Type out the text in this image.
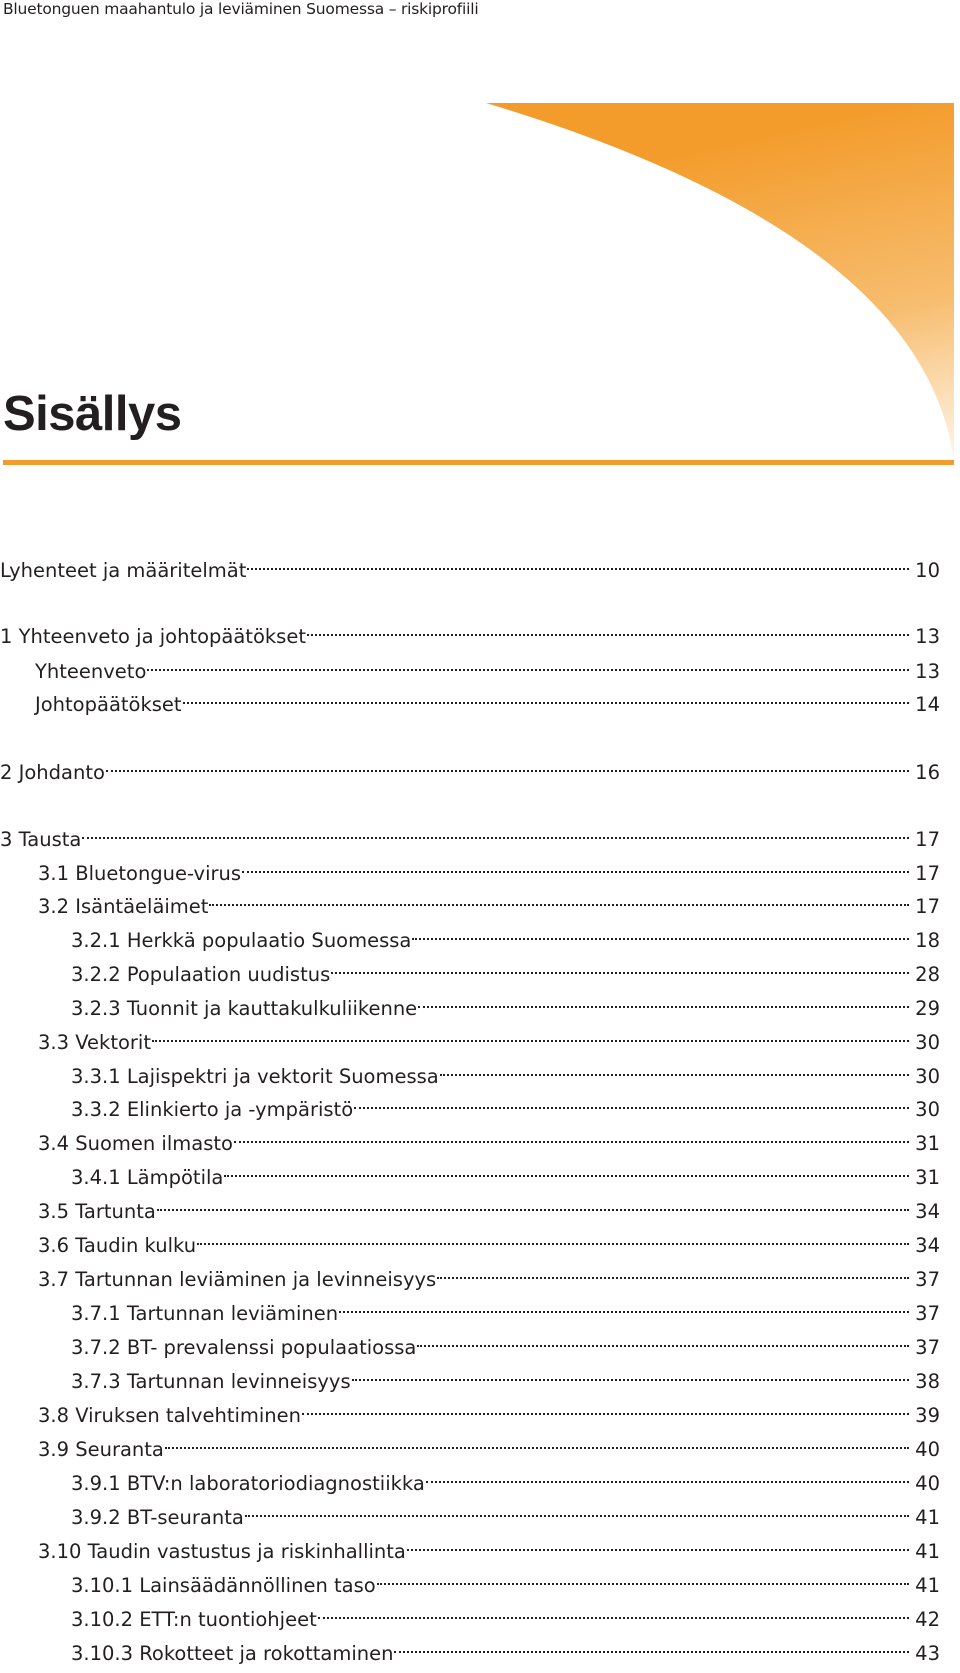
Bluetonguen maahantulo ja leviäminen Suomessa – riskiprofiili
Sisällys
Lyhenteet ja määritelmät	10
1 Yhteenveto ja johtopäätökset	13
Yhteenveto	13
Johtopäätökset	14
2 Johdanto	16
3 Tausta	17
3.1 Bluetongue-virus	17
3.2 Isäntäeläimet	17
3.2.1 Herkkä populaatio Suomessa	18
3.2.2 Populaation uudistus	28
3.2.3 Tuonnit ja kauttakulkuliikenne	29
3.3 Vektorit	30
3.3.1 Lajispektri ja vektorit Suomessa	30
3.3.2 Elinkierto ja -ympäristö	30
3.4 Suomen ilmasto	31
3.4.1 Lämpötila	31
3.5 Tartunta	34
3.6 Taudin kulku	34
3.7 Tartunnan leviäminen ja levinneisyys	37
3.7.1 Tartunnan leviäminen	37
3.7.2 BT- prevalenssi populaatiossa	37
3.7.3 Tartunnan levinneisyys	38
3.8 Viruksen talvehtiminen	39
3.9 Seuranta	40
3.9.1 BTV:n laboratoriodiagnostiikka	40
3.9.2 BT-seuranta	41
3.10 Taudin vastustus ja riskinhallinta	41
3.10.1 Lainsäädännöllinen taso	41
3.10.2 ETT:n tuontiohjeet	42
3.10.3 Rokotteet ja rokottaminen	43
